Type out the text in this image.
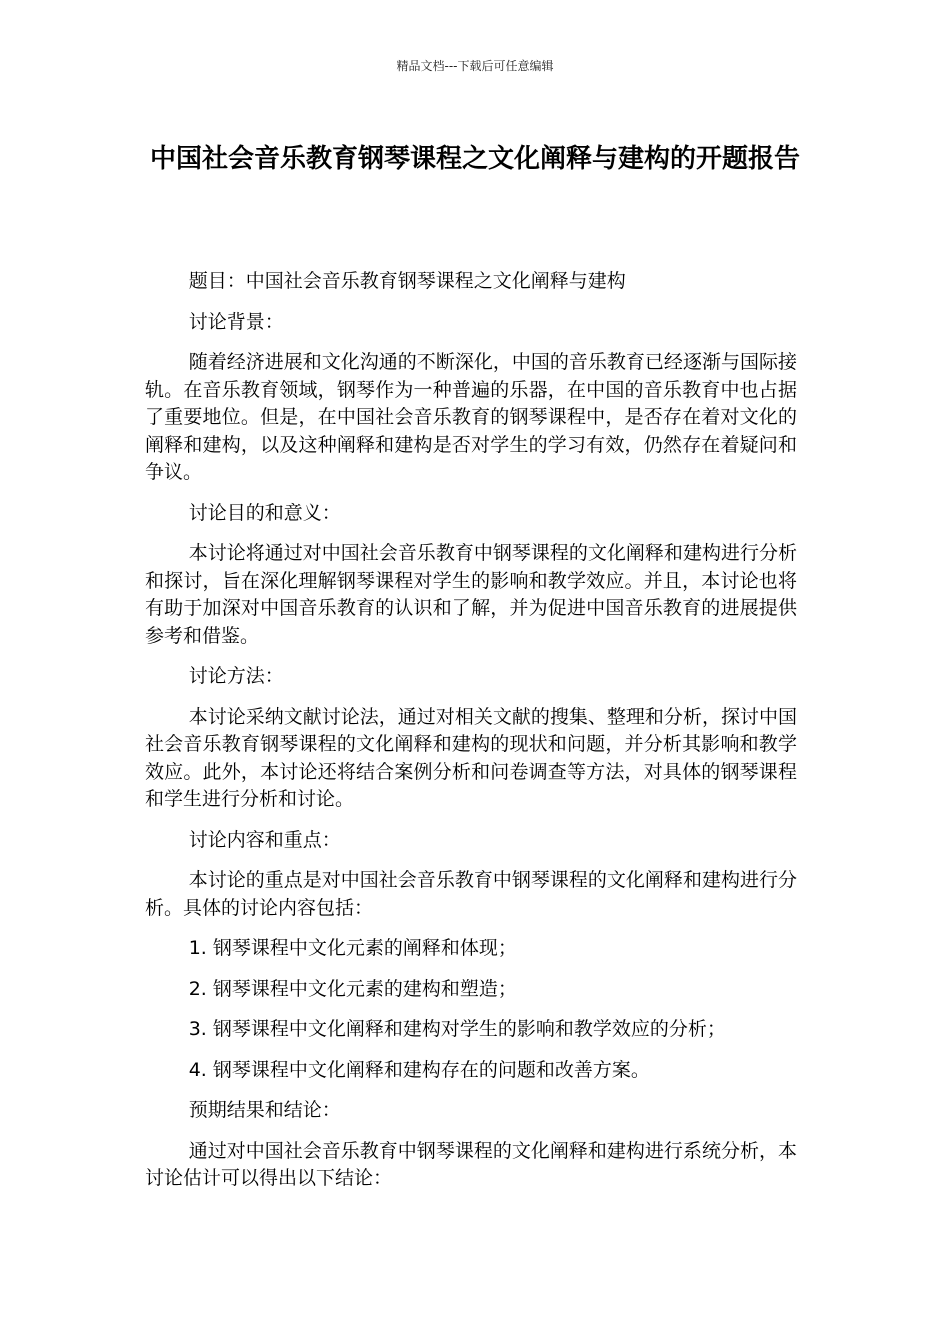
精品文档---下载后可任意编辑
中国社会音乐教育钢琴课程之文化阐释与建构的开题报告

题目：中国社会音乐教育钢琴课程之文化阐释与建构

讨论背景：

随着经济进展和文化沟通的不断深化，中国的音乐教育已经逐渐与国际接轨。在音乐教育领域，钢琴作为一种普遍的乐器，在中国的音乐教育中也占据了重要地位。但是，在中国社会音乐教育的钢琴课程中，是否存在着对文化的阐释和建构，以及这种阐释和建构是否对学生的学习有效，仍然存在着疑问和争议。

讨论目的和意义：

本讨论将通过对中国社会音乐教育中钢琴课程的文化阐释和建构进行分析和探讨，旨在深化理解钢琴课程对学生的影响和教学效应。并且，本讨论也将有助于加深对中国音乐教育的认识和了解，并为促进中国音乐教育的进展提供参考和借鉴。

讨论方法：

本讨论采纳文献讨论法，通过对相关文献的搜集、整理和分析，探讨中国社会音乐教育钢琴课程的文化阐释和建构的现状和问题，并分析其影响和教学效应。此外，本讨论还将结合案例分析和问卷调查等方法，对具体的钢琴课程和学生进行分析和讨论。

讨论内容和重点：

本讨论的重点是对中国社会音乐教育中钢琴课程的文化阐释和建构进行分析。具体的讨论内容包括：

1. 钢琴课程中文化元素的阐释和体现；

2. 钢琴课程中文化元素的建构和塑造；

3. 钢琴课程中文化阐释和建构对学生的影响和教学效应的分析；

4. 钢琴课程中文化阐释和建构存在的问题和改善方案。

预期结果和结论：

通过对中国社会音乐教育中钢琴课程的文化阐释和建构进行系统分析，本讨论估计可以得出以下结论：
